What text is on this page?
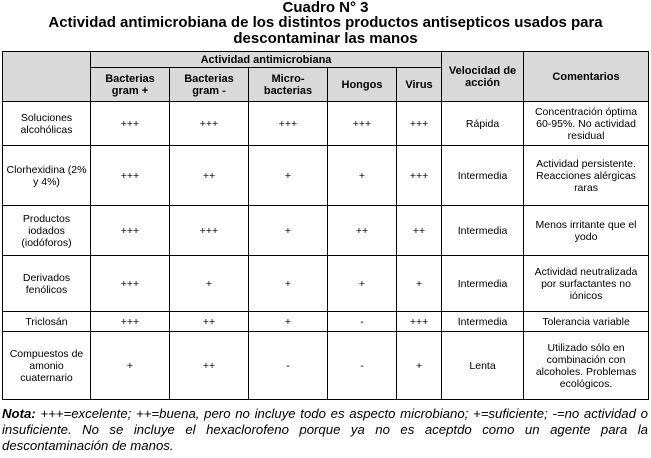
Cuadro N° 3
Actividad antimicrobiana de los distintos productos antisepticos usados para
descontaminar las manos
	Actividad antimicrobiana					Velocidad de acción	Comentarios
	Bacterias gram +	Bacterias gram -	Micro-bacterias	Hongos	Virus		
Soluciones alcohólicas	+++	+++	+++	+++	+++	Rápida	Concentración óptima 60-95%. No actividad residual
Clorhexidina (2% y 4%)	+++	++	+	+	+++	Intermedia	Actividad persistente. Reacciones alérgicas raras
Productos iodados (iodóforos)	+++	+++	+	++	++	Intermedia	Menos irritante que el yodo
Derivados fenólicos	+++	+	+	+	+	Intermedia	Actividad neutralizada por surfactantes no iónicos
Triclosán	+++	++	+	-	+++	Intermedia	Tolerancia variable
Compuestos de amonio cuaternario	+	++	-	-	+	Lenta	Utilizado sólo en combinación con alcoholes. Problemas ecológicos.
Nota: +++=excelente; ++=buena, pero no incluye todo es aspecto microbiano; +=suficiente; -=no actividad o insuficiente. No se incluye el hexaclorofeno porque ya no es aceptdo como un agente para la descontaminación de manos.
